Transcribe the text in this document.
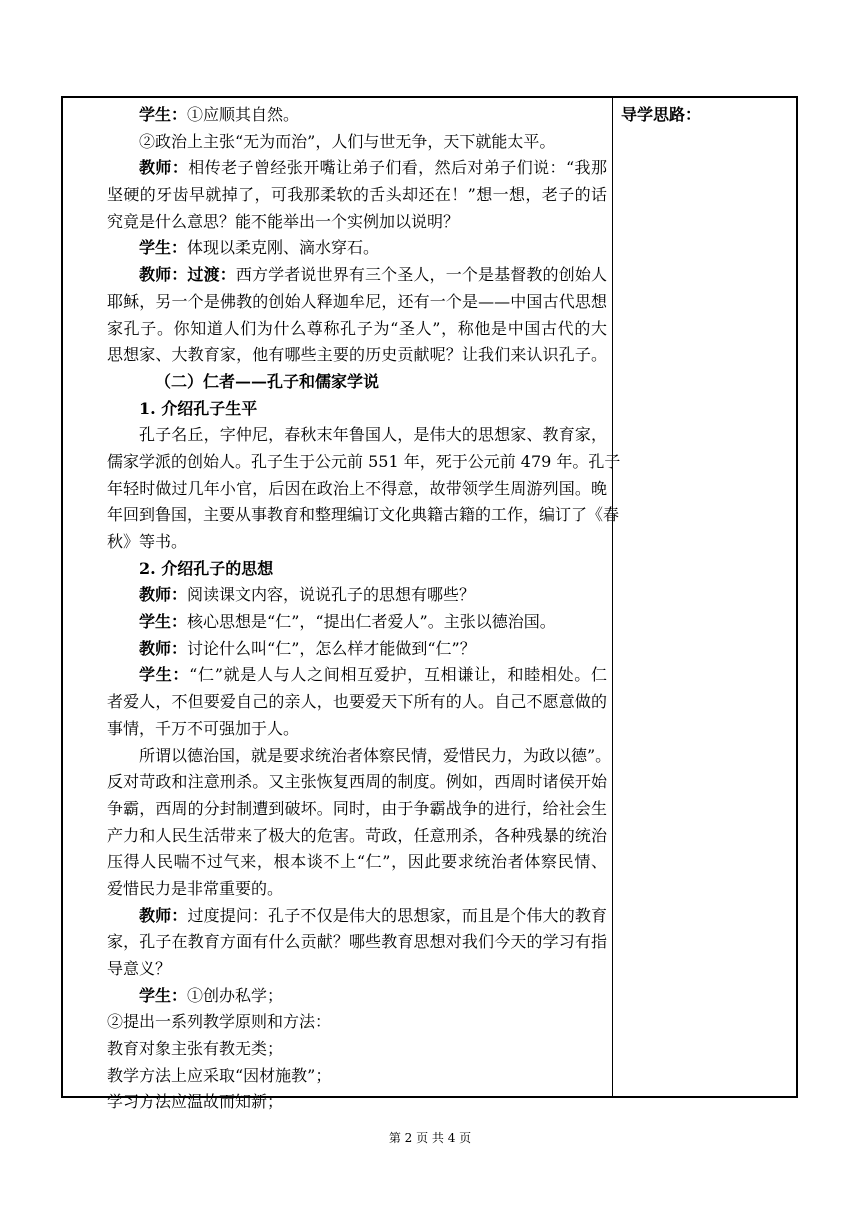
学生：①应顺其自然。
②政治上主张“无为而治”，人们与世无争，天下就能太平。
教师：相传老子曾经张开嘴让弟子们看，然后对弟子们说：“我那
坚硬的牙齿早就掉了，可我那柔软的舌头却还在！”想一想，老子的话
究竟是什么意思？能不能举出一个实例加以说明？
学生：体现以柔克刚、滴水穿石。
教师：过渡：西方学者说世界有三个圣人，一个是基督教的创始人
耶稣，另一个是佛教的创始人释迦牟尼，还有一个是——中国古代思想
家孔子。你知道人们为什么尊称孔子为“圣人”，称他是中国古代的大
思想家、大教育家，他有哪些主要的历史贡献呢？让我们来认识孔子。
（二）仁者——孔子和儒家学说
1. 介绍孔子生平
孔子名丘，字仲尼，春秋末年鲁国人，是伟大的思想家、教育家，
儒家学派的创始人。孔子生于公元前 551 年，死于公元前 479 年。孔子
年轻时做过几年小官，后因在政治上不得意，故带领学生周游列国。晚
年回到鲁国，主要从事教育和整理编订文化典籍古籍的工作，编订了《春
秋》等书。
2. 介绍孔子的思想
教师：阅读课文内容，说说孔子的思想有哪些？
学生：核心思想是“仁”，“提出仁者爱人”。主张以德治国。
教师：讨论什么叫“仁”，怎么样才能做到“仁”？
学生：“仁”就是人与人之间相互爱护，互相谦让，和睦相处。仁
者爱人，不但要爱自己的亲人，也要爱天下所有的人。自己不愿意做的
事情，千万不可强加于人。
所谓以德治国，就是要求统治者体察民情，爱惜民力，为政以德”。
反对苛政和注意刑杀。又主张恢复西周的制度。例如，西周时诸侯开始
争霸，西周的分封制遭到破坏。同时，由于争霸战争的进行，给社会生
产力和人民生活带来了极大的危害。苛政，任意刑杀，各种残暴的统治
压得人民喘不过气来，根本谈不上“仁”，因此要求统治者体察民情、
爱惜民力是非常重要的。
教师：过度提问：孔子不仅是伟大的思想家，而且是个伟大的教育
家，孔子在教育方面有什么贡献？哪些教育思想对我们今天的学习有指
导意义？
学生：①创办私学；
②提出一系列教学原则和方法：
教育对象主张有教无类；
教学方法上应采取“因材施教”；
学习方法应温故而知新；
导学思路：
第 2 页 共 4 页
